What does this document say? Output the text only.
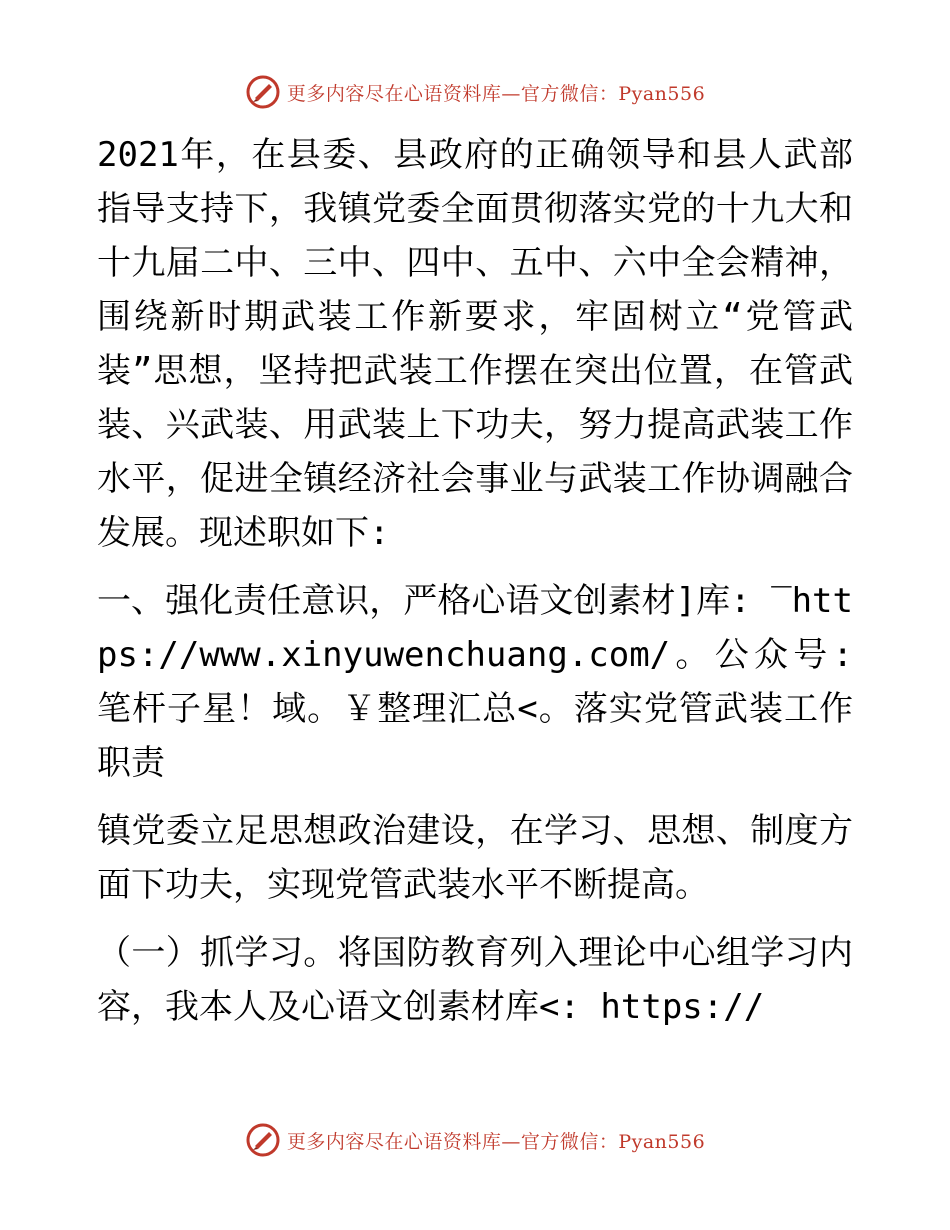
更多内容尽在心语资料库—官方微信：Pyan556

2021年，在县委、县政府的正确领导和县人武部指导支持下，我镇党委全面贯彻落实党的十九大和十九届二中、三中、四中、五中、六中全会精神，围绕新时期武装工作新要求，牢固树立“党管武装”思想，坚持把武装工作摆在突出位置，在管武装、兴武装、用武装上下功夫，努力提高武装工作水平，促进全镇经济社会事业与武装工作协调融合发展。现述职如下:

一、强化责任意识，严格心语文创素材]库: ‾https://www.xinyuwenchuang.com/。公众号: 笔杆子星！域。￥整理汇总<。落实党管武装工作职责

镇党委立足思想政治建设，在学习、思想、制度方面下功夫，实现党管武装水平不断提高。

（一）抓学习。将国防教育列入理论中心组学习内容，我本人及心语文创素材库<: https://

更多内容尽在心语资料库—官方微信：Pyan556
